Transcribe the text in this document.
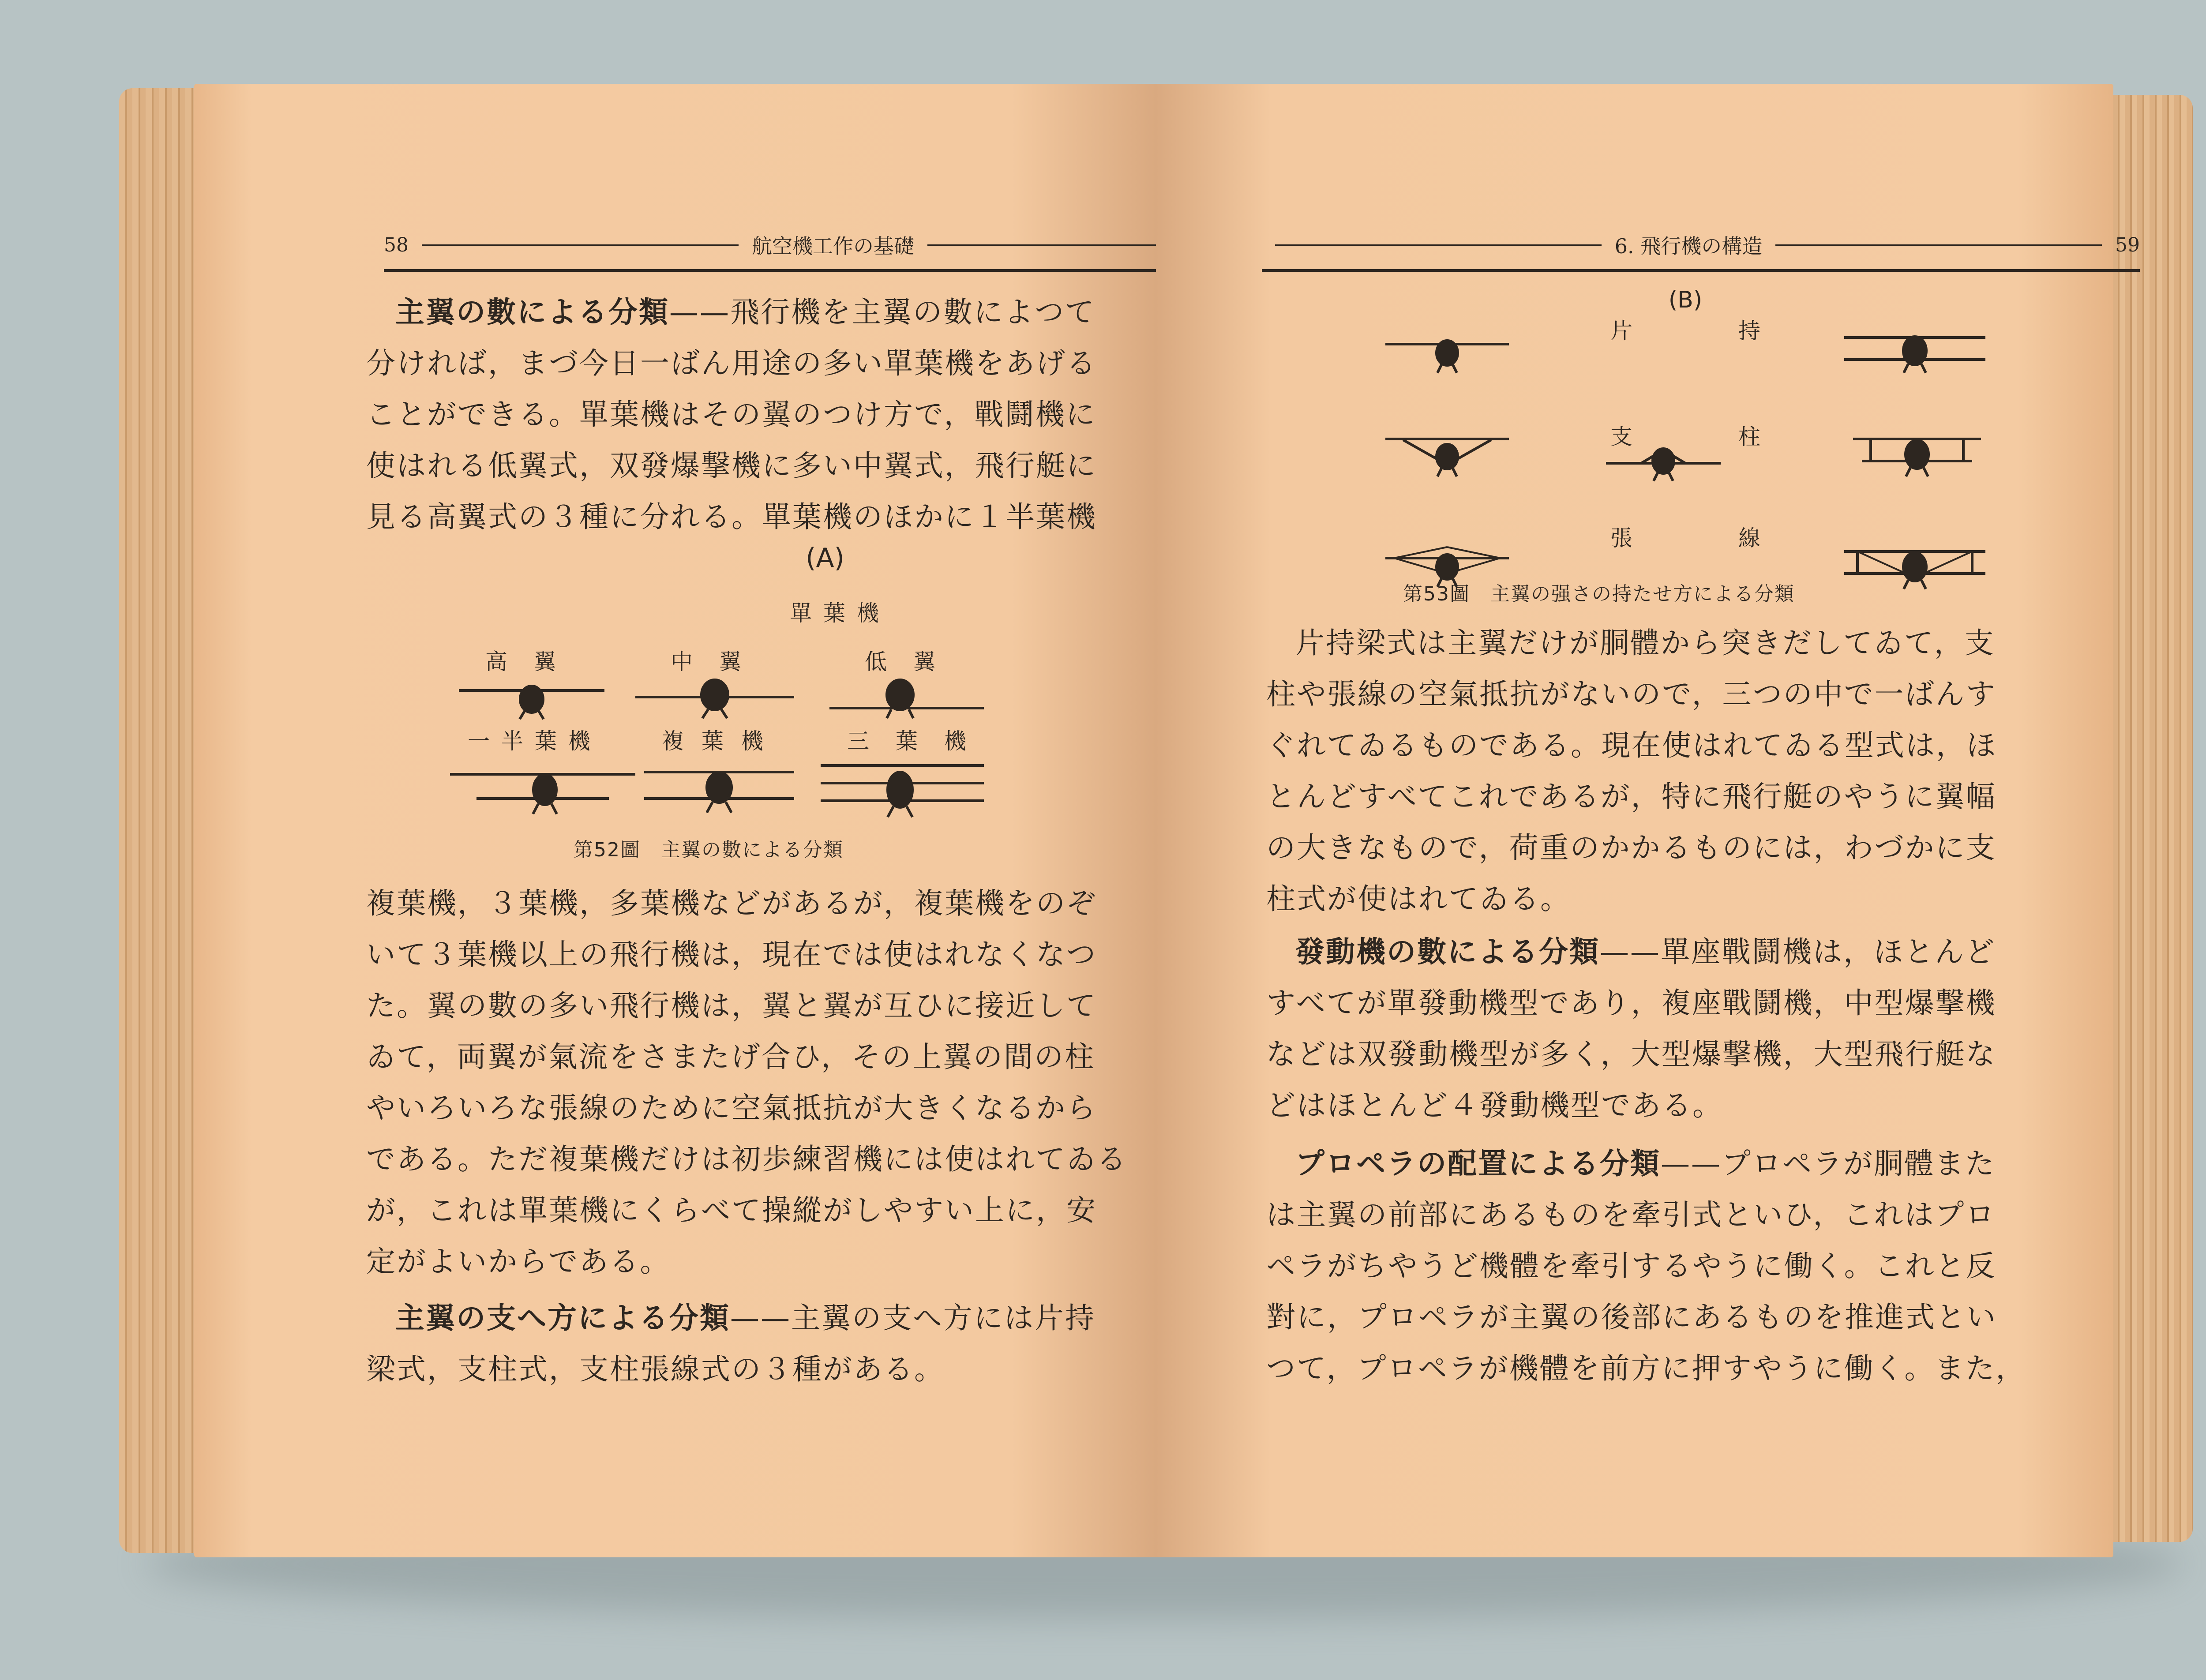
58	航空機工作の基礎

主翼の數による分類——飛行機を主翼の數によつて

分ければ，まづ今日一ばん用途の多い單葉機をあげる

ことができる。單葉機はその翼のつけ方で，戰鬪機に

使はれる低翼式，双發爆撃機に多い中翼式，飛行艇に

見る高翼式の３種に分れる。單葉機のほかに１半葉機

(A)
單葉機
高翼	中翼	低翼
一半葉機	複葉機	三葉機
第52圖　主翼の數による分類

複葉機，３葉機，多葉機などがあるが，複葉機をのぞ

いて３葉機以上の飛行機は，現在では使はれなくなつ

た。翼の數の多い飛行機は，翼と翼が互ひに接近して

ゐて，両翼が氣流をさまたげ合ひ，その上翼の間の柱

やいろいろな張線のために空氣抵抗が大きくなるから

である。ただ複葉機だけは初歩練習機には使はれてゐる

が，これは單葉機にくらべて操縱がしやすい上に，安

定がよいからである。

主翼の支へ方による分類——主翼の支へ方には片持

梁式，支柱式，支柱張線式の３種がある。

6. 飛行機の構造	59
(B)
片	持
支	柱
張	線
第53圖　主翼の强さの持たせ方による分類

片持梁式は主翼だけが胴體から突きだしてゐて，支

柱や張線の空氣抵抗がないので，三つの中で一ばんす

ぐれてゐるものである。現在使はれてゐる型式は，ほ

とんどすべてこれであるが，特に飛行艇のやうに翼幅

の大きなもので，荷重のかかるものには，わづかに支

柱式が使はれてゐる。

發動機の數による分類——單座戰鬪機は，ほとんど

すべてが單發動機型であり，複座戰鬪機，中型爆撃機

などは双發動機型が多く，大型爆撃機，大型飛行艇な

どはほとんど４發動機型である。

プロペラの配置による分類——プロペラが胴體また

は主翼の前部にあるものを牽引式といひ，これはプロ

ペラがちやうど機體を牽引するやうに働く。これと反

對に，プロペラが主翼の後部にあるものを推進式とい

つて，プロペラが機體を前方に押すやうに働く。また，
